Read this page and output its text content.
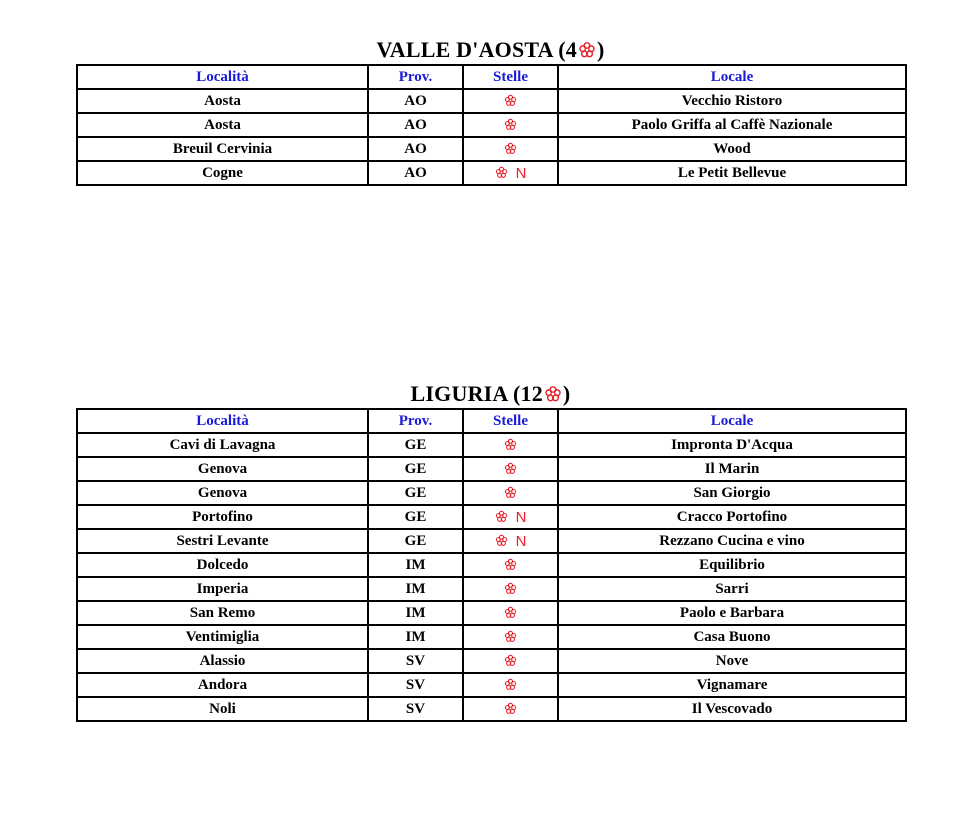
VALLE D'AOSTA (4 )
Località	Prov.	Stelle	Locale
Aosta	AO		Vecchio Ristoro
Aosta	AO		Paolo Griffa al Caffè Nazionale
Breuil Cervinia	AO		Wood
Cogne	AO	N	Le Petit Bellevue
LIGURIA (12 )
Località	Prov.	Stelle	Locale
Cavi di Lavagna	GE		Impronta D'Acqua
Genova	GE		Il Marin
Genova	GE		San Giorgio
Portofino	GE	N	Cracco Portofino
Sestri Levante	GE	N	Rezzano Cucina e vino
Dolcedo	IM		Equilibrio
Imperia	IM		Sarri
San Remo	IM		Paolo e Barbara
Ventimiglia	IM		Casa Buono
Alassio	SV		Nove
Andora	SV		Vignamare
Noli	SV		Il Vescovado
